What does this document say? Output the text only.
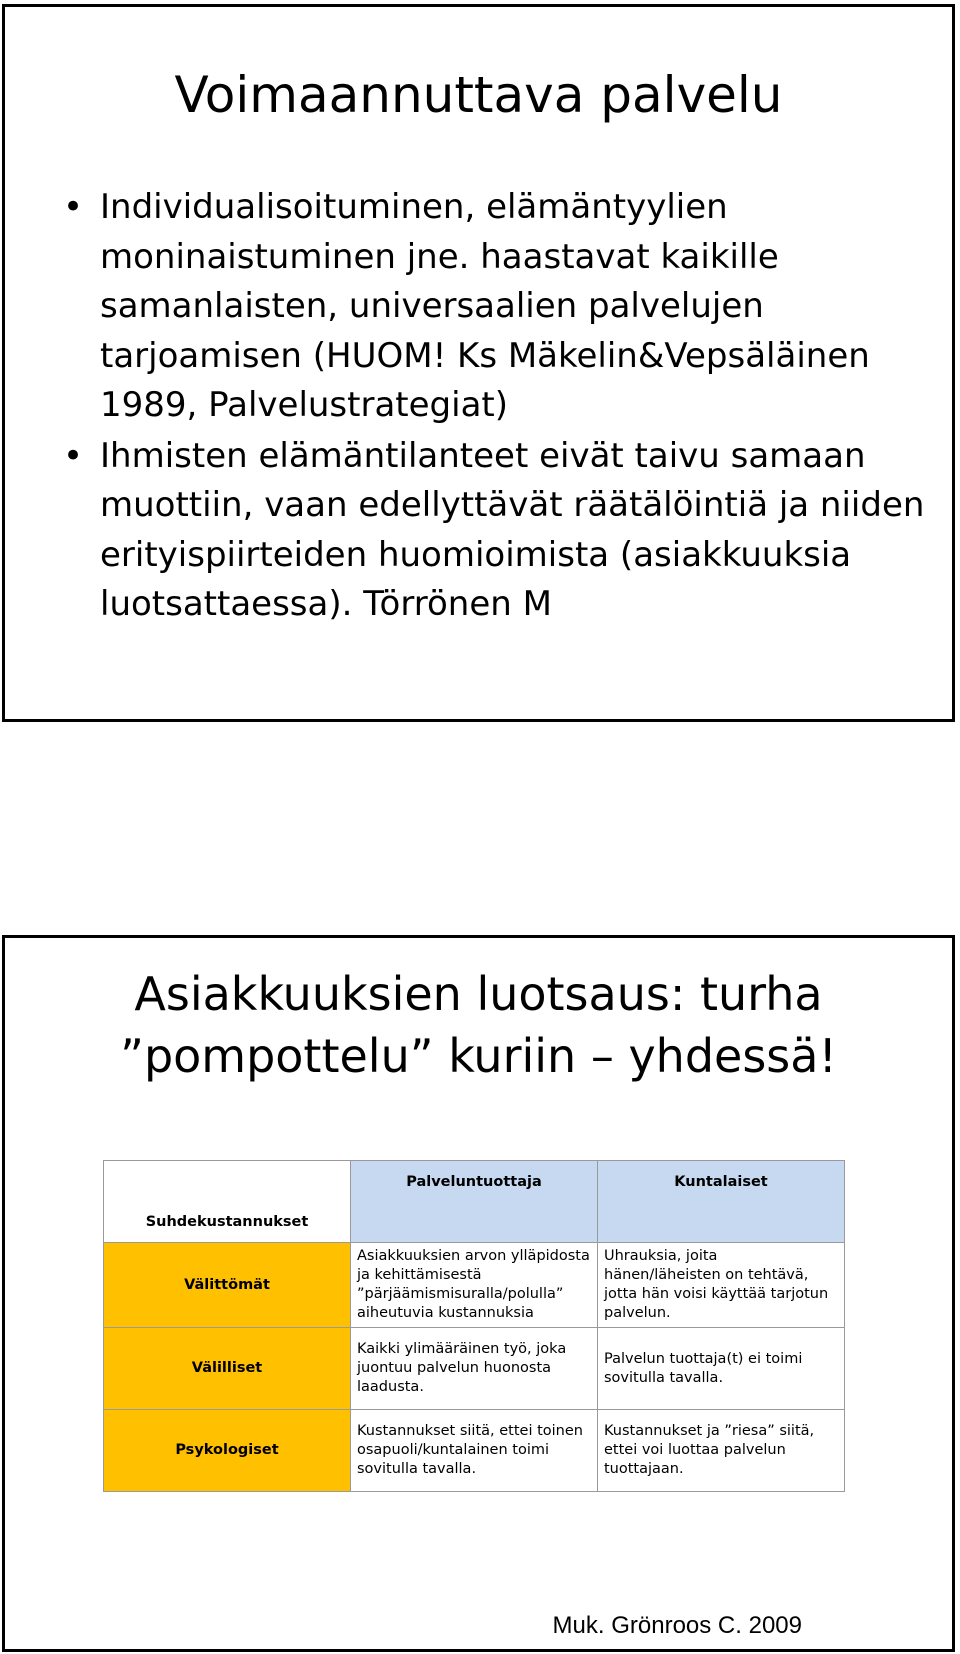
Voimaannuttava palvelu
• Individualisoituminen, elämäntyylien moninaistuminen jne. haastavat kaikille samanlaisten, universaalien palvelujen tarjoamisen (HUOM! Ks Mäkelin&Vepsäläinen 1989, Palvelustrategiat)
• Ihmisten elämäntilanteet eivät taivu samaan muottiin, vaan edellyttävät räätälöintiä ja niiden erityispiirteiden huomioimista (asiakkuuksia luotsattaessa). Törrönen M
Asiakkuuksien luotsaus: turha
”pompottelu” kuriin – yhdessä!
Suhdekustannukset	Palveluntuottaja	Kuntalaiset
Välittömät	Asiakkuuksien arvon ylläpidosta ja kehittämisestä ”pärjäämismisuralla/polulla” aiheutuvia kustannuksia	Uhrauksia, joita hänen/läheisten on tehtävä, jotta hän voisi käyttää tarjotun palvelun.
Välilliset	Kaikki ylimääräinen työ, joka juontuu palvelun huonosta laadusta.	Palvelun tuottaja(t) ei toimi sovitulla tavalla.
Psykologiset	Kustannukset siitä, ettei toinen osapuoli/kuntalainen toimi sovitulla tavalla.	Kustannukset ja ”riesa” siitä, ettei voi luottaa palvelun tuottajaan.
Muk. Grönroos C. 2009
